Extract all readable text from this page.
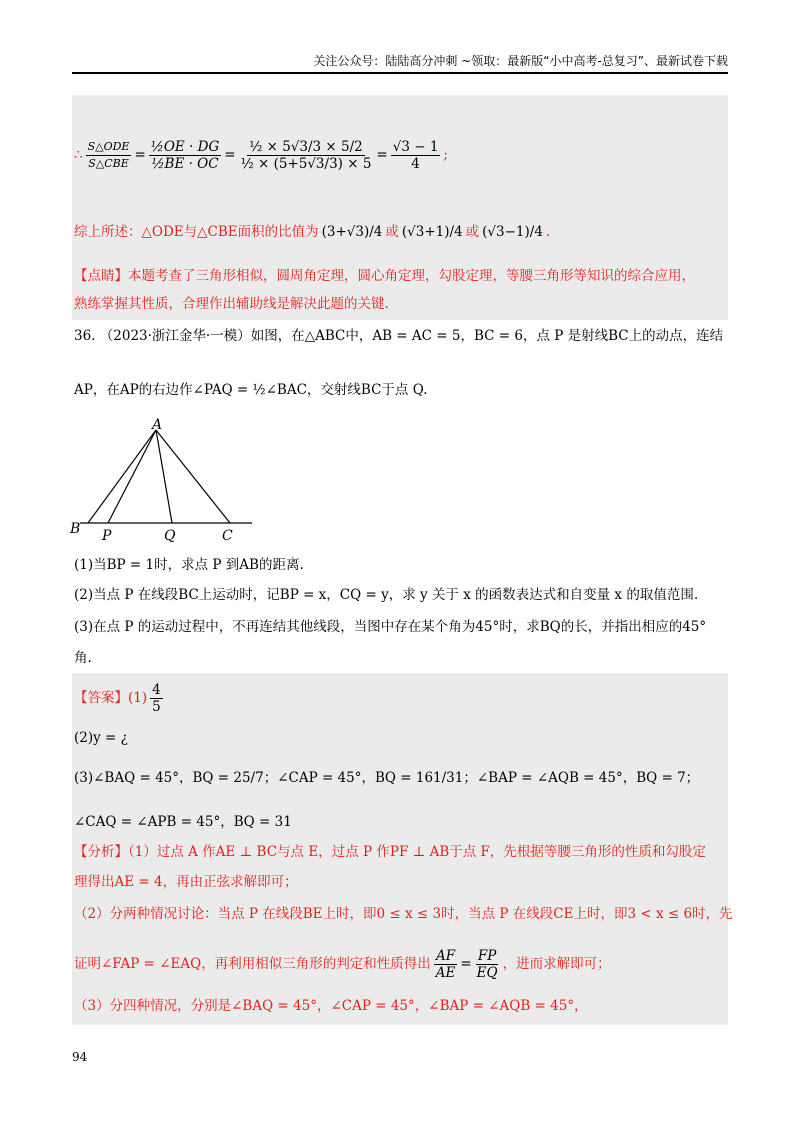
关注公众号：陆陆高分冲刺 ~领取：最新版“小中高考-总复习”、最新试卷下载
∴ $\frac{\text{S△ODE}}{\text{S△CBE}} = \frac{\text{½OE · DG}}{\text{½BE · OC}} = \frac{\text{½ × 5√3/3 × 5/2}}{\text{½ × (5+5√3/3) × 5}} = \frac{√3 - 1}{4}$ ;
综上所述：△ODE与△CBE面积的比值为 (3+√3)/4 或 (√3+1)/4 或 (√3−1)/4 .
【点睛】本题考查了三角形相似，圆周角定理，圆心角定理，勾股定理，等腰三角形等知识的综合应用，
熟练掌握其性质，合理作出辅助线是解决此题的关键.
36. （2023·浙江金华·一模）如图，在△ABC中，AB = AC = 5，BC = 6，点 P 是射线BC上的动点，连结
AP，在AP的右边作∠PAQ = ½∠BAC，交射线BC于点 Q.
A
B P	Q	C
(1)当BP = 1时，求点 P 到AB的距离.
(2)当点 P 在线段BC上运动时，记BP = x，CQ = y，求 y 关于 x 的函数表达式和自变量 x 的取值范围.
(3)在点 P 的运动过程中，不再连结其他线段，当图中存在某个角为45°时，求BQ的长，并指出相应的45°
角.
【答案】 $(1) \frac{4}{5}$
(2)y = ¿
(3)∠BAQ = 45°，BQ = 25/7；∠CAP = 45°，BQ = 161/31；∠BAP = ∠AQB = 45°，BQ = 7；
∠CAQ = ∠APB = 45°，BQ = 31
【分析】（1）过点 A 作AE ⊥ BC与点 E，过点 P 作PF ⊥ AB于点 F，先根据等腰三角形的性质和勾股定
理得出AE = 4，再由正弦求解即可；
（2）分两种情况讨论：当点 P 在线段BE上时，即0 ≤ x ≤ 3时，当点 P 在线段CE上时，即3 < x ≤ 6时，先
证明∠FAP = ∠EAQ，再利用相似三角形的判定和性质得出 $\frac{AF}{AE} = \frac{FP}{EQ}$ ，进而求解即可；
（3）分四种情况，分别是∠BAQ = 45°，∠CAP = 45°，∠BAP = ∠AQB = 45°，
94
